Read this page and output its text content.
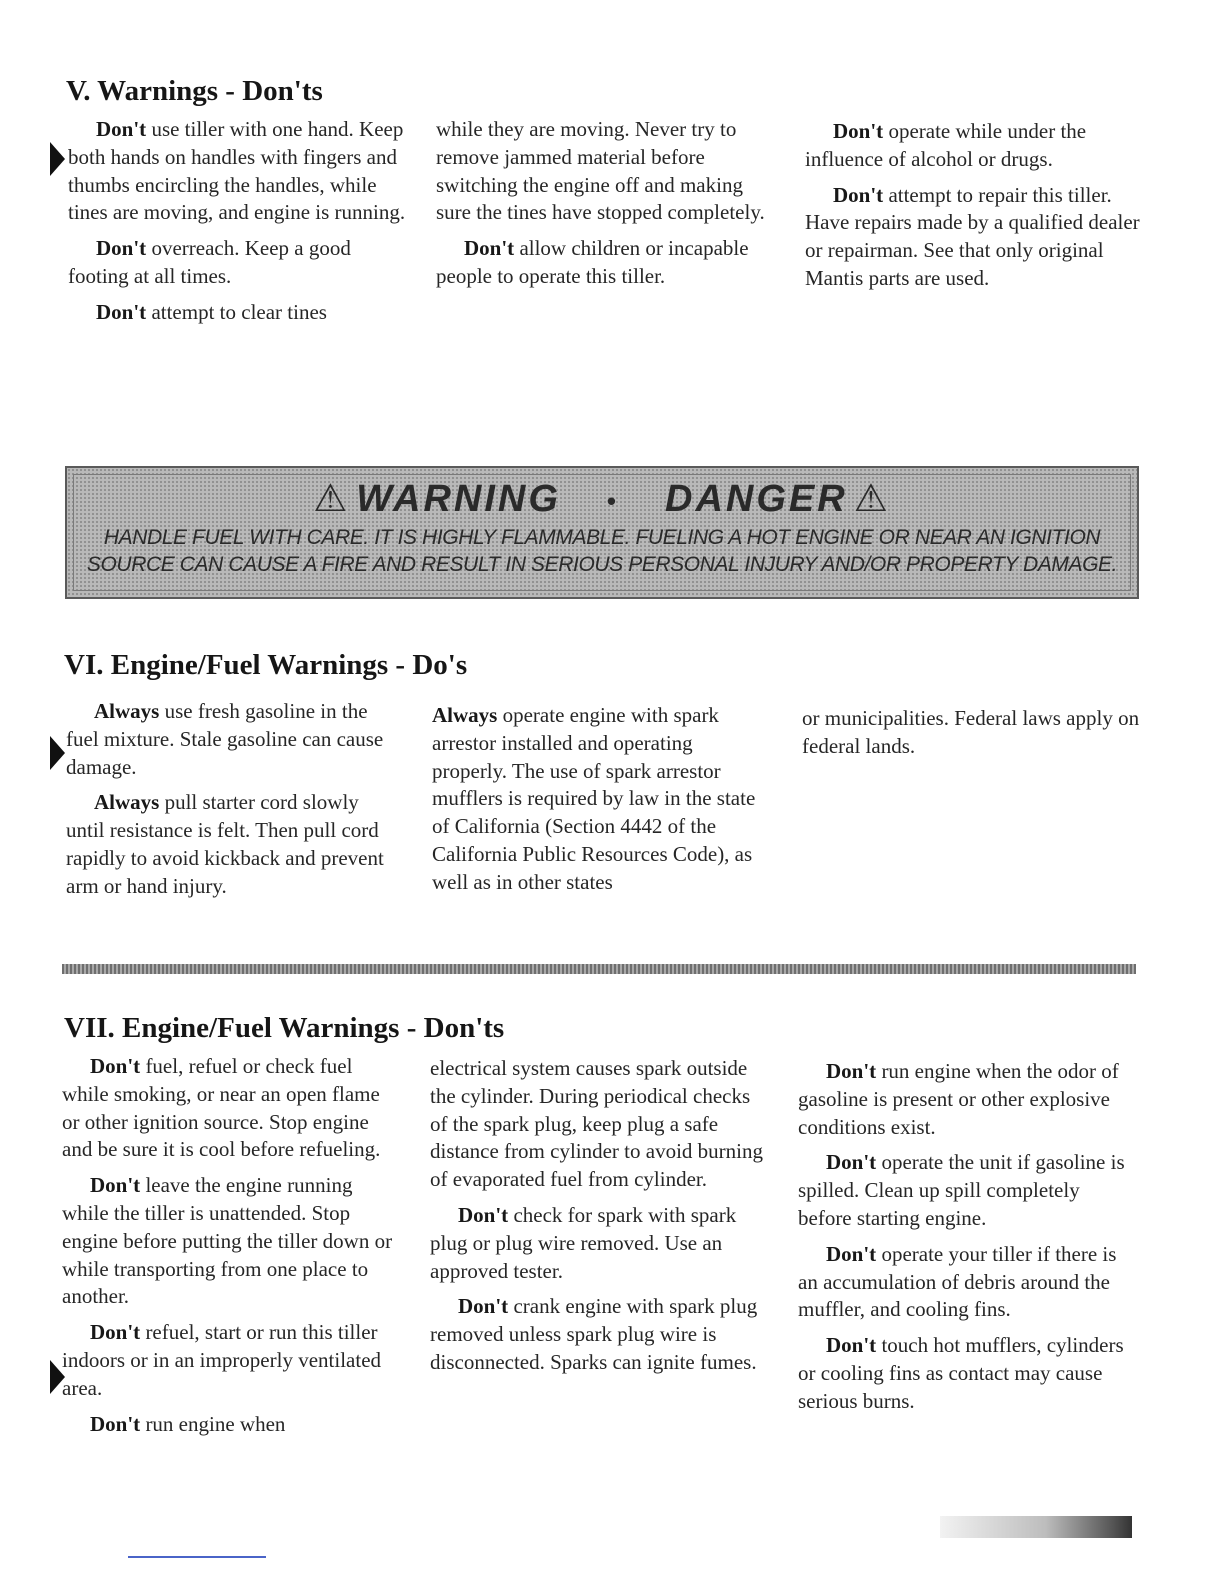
V. Warnings - Don'ts

Don't use tiller with one hand. Keep both hands on handles with fingers and thumbs encircling the handles, while tines are moving, and engine is running.

Don't overreach. Keep a good footing at all times.

Don't attempt to clear tines

while they are moving. Never try to remove jammed material before switching the engine off and making sure the tines have stopped completely.

Don't allow children or incapable people to operate this tiller.

Don't operate while under the influence of alcohol or drugs.

Don't attempt to repair this tiller. Have repairs made by a qualified dealer or repairman. See that only original Mantis parts are used.

⚠ WARNING • DANGER ⚠
HANDLE FUEL WITH CARE. IT IS HIGHLY FLAMMABLE. FUELING A HOT ENGINE OR NEAR AN IGNITION
SOURCE CAN CAUSE A FIRE AND RESULT IN SERIOUS PERSONAL INJURY AND/OR PROPERTY DAMAGE.
VI. Engine/Fuel Warnings - Do's

Always use fresh gasoline in the fuel mixture. Stale gasoline can cause damage.

Always pull starter cord slowly until resistance is felt. Then pull cord rapidly to avoid kickback and prevent arm or hand injury.

Always operate engine with spark arrestor installed and operating properly. The use of spark arrestor mufflers is required by law in the state of California (Section 4442 of the California Public Resources Code), as well as in other states

or municipalities. Federal laws apply on federal lands.

VII. Engine/Fuel Warnings - Don'ts

Don't fuel, refuel or check fuel while smoking, or near an open flame or other ignition source. Stop engine and be sure it is cool before refueling.

Don't leave the engine running while the tiller is unattended. Stop engine before putting the tiller down or while transporting from one place to another.

Don't refuel, start or run this tiller indoors or in an improperly ventilated area.

Don't run engine when

electrical system causes spark outside the cylinder. During periodical checks of the spark plug, keep plug a safe distance from cylinder to avoid burning of evaporated fuel from cylinder.

Don't check for spark with spark plug or plug wire removed. Use an approved tester.

Don't crank engine with spark plug removed unless spark plug wire is disconnected. Sparks can ignite fumes.

Don't run engine when the odor of gasoline is present or other explosive conditions exist.

Don't operate the unit if gasoline is spilled. Clean up spill completely before starting engine.

Don't operate your tiller if there is an accumulation of debris around the muffler, and cooling fins.

Don't touch hot mufflers, cylinders or cooling fins as contact may cause serious burns.
